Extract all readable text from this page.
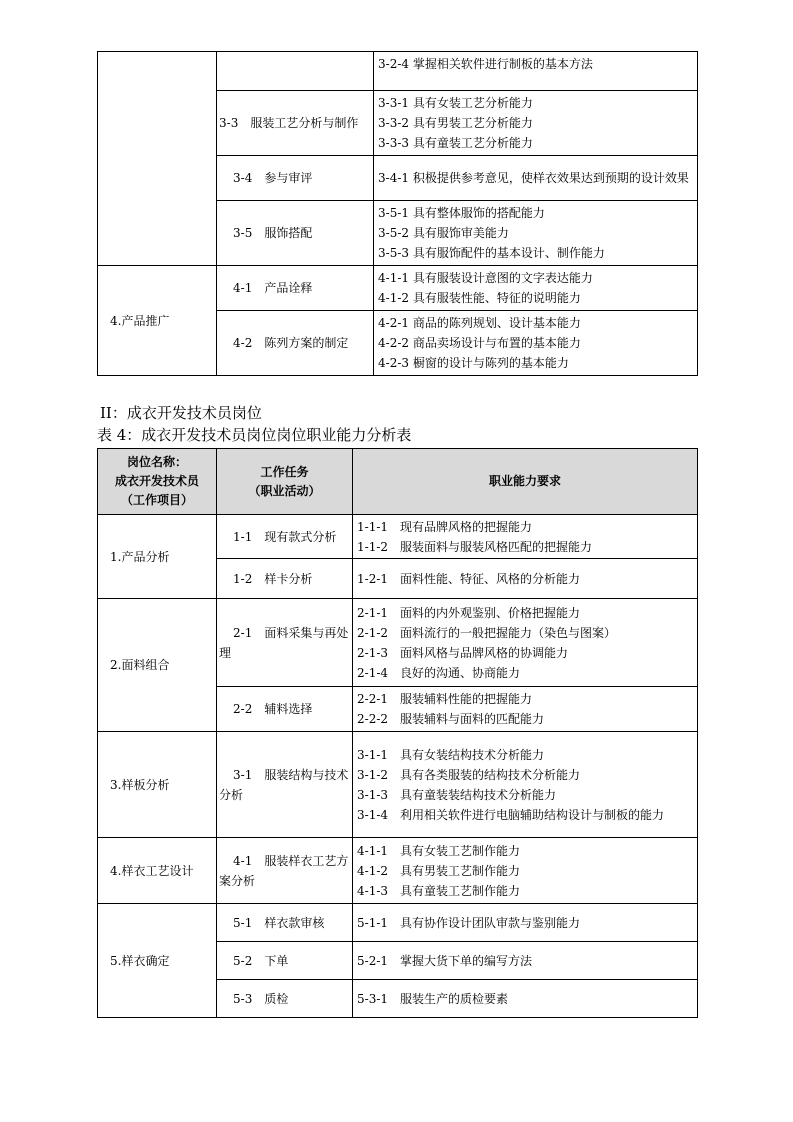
		3-2-4 掌握相关软件进行制板的基本方法

	3-3　服装工艺分析与制作	3-3-1 具有女装工艺分析能力
3-3-2 具有男装工艺分析能力
3-3-3 具有童装工艺分析能力

	3-4　参与审评	3-4-1 积极提供参考意见，使样衣效果达到预期的设计效果

	3-5　服饰搭配	3-5-1 具有整体服饰的搭配能力
3-5-2 具有服饰审美能力
3-5-3 具有服饰配件的基本设计、制作能力

4.产品推广	4-1　产品诠释	4-1-1 具有服装设计意图的文字表达能力
4-1-2 具有服装性能、特征的说明能力

	4-2　陈列方案的制定	4-2-1 商品的陈列规划、设计基本能力
4-2-2 商品卖场设计与布置的基本能力
4-2-3 橱窗的设计与陈列的基本能力
II：成衣开发技术员岗位
表 4：成衣开发技术员岗位岗位职业能力分析表
岗位名称：
成衣开发技术员
（工作项目）	工作任务
（职业活动）	职业能力要求

1.产品分析	1-1　现有款式分析	1-1-1　现有品牌风格的把握能力
1-1-2　服装面料与服装风格匹配的把握能力

	1-2　样卡分析	1-2-1　面料性能、特征、风格的分析能力

2.面料组合	2-1　面料采集与再处理	2-1-1　面料的内外观鉴别、价格把握能力
2-1-2　面料流行的一般把握能力（染色与图案）
2-1-3　面料风格与品牌风格的协调能力
2-1-4　良好的沟通、协商能力

	2-2　辅料选择	2-2-1　服装辅料性能的把握能力
2-2-2　服装辅料与面料的匹配能力

3.样板分析	3-1　服装结构与技术分析	3-1-1　具有女装结构技术分析能力
3-1-2　具有各类服装的结构技术分析能力
3-1-3　具有童装装结构技术分析能力
3-1-4　利用相关软件进行电脑辅助结构设计与制板的能力

4.样衣工艺设计	4-1　服装样衣工艺方案分析	4-1-1　具有女装工艺制作能力
4-1-2　具有男装工艺制作能力
4-1-3　具有童装工艺制作能力

5.样衣确定	5-1　样衣款审核	5-1-1　具有协作设计团队审款与鉴别能力

	5-2　下单	5-2-1　掌握大货下单的编写方法

	5-3　质检	5-3-1　服装生产的质检要素
